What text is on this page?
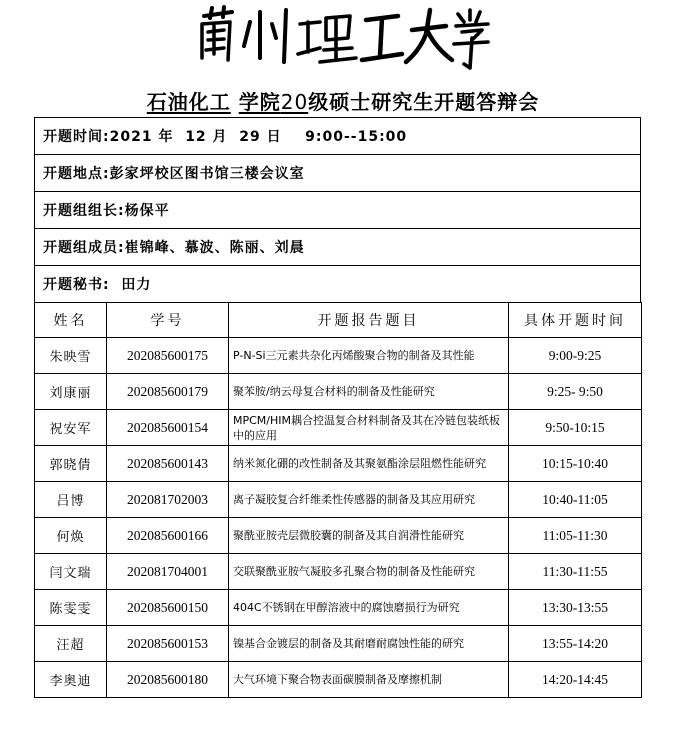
石油化工 学院20级硕士研究生开题答辩会
开题时间:2021 年  12 月  29 日    9:00--15:00
开题地点:彭家坪校区图书馆三楼会议室
开题组组长:杨保平
开题组成员:崔锦峰、慕波、陈丽、刘晨
开题秘书:  田力
姓名	学号	开题报告题目	具体开题时间
朱映雪	202085600175	P-N-Si三元素共杂化丙烯酸聚合物的制备及其性能	9:00-9:25
刘康丽	202085600179	聚苯胺/纳云母复合材料的制备及性能研究	9:25- 9:50
祝安军	202085600154	MPCM/HIM耦合控温复合材料制备及其在冷链包装纸板中的应用	9:50-10:15
郭晓倩	202085600143	纳米氮化硼的改性制备及其聚氨酯涂层阻燃性能研究	10:15-10:40
吕博	202081702003	离子凝胶复合纤维柔性传感器的制备及其应用研究	10:40-11:05
何焕	202085600166	聚酰亚胺壳层微胶囊的制备及其自润滑性能研究	11:05-11:30
闫文瑞	202081704001	交联聚酰亚胺气凝胶多孔聚合物的制备及性能研究	11:30-11:55
陈雯雯	202085600150	404C不锈钢在甲醇溶液中的腐蚀磨损行为研究	13:30-13:55
汪超	202085600153	镍基合金镀层的制备及其耐磨耐腐蚀性能的研究	13:55-14:20
李奥迪	202085600180	大气环境下聚合物表面碳膜制备及摩擦机制	14:20-14:45
